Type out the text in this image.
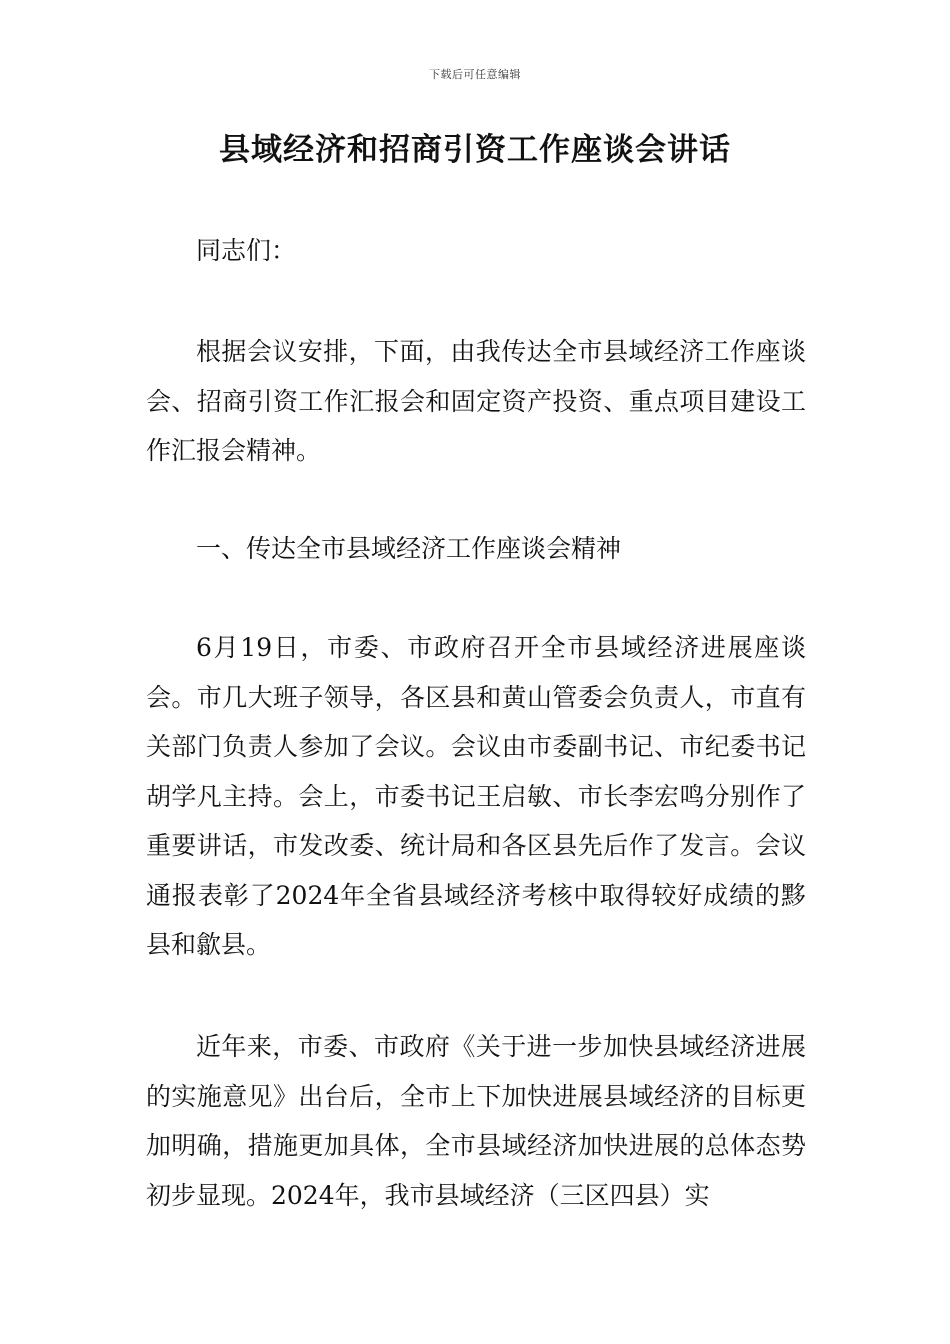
下载后可任意编辑
县域经济和招商引资工作座谈会讲话

同志们：

根据会议安排，下面，由我传达全市县域经济工作座谈会、招商引资工作汇报会和固定资产投资、重点项目建设工作汇报会精神。

一、传达全市县域经济工作座谈会精神

6月19日，市委、市政府召开全市县域经济进展座谈会。市几大班子领导，各区县和黄山管委会负责人，市直有关部门负责人参加了会议。会议由市委副书记、市纪委书记胡学凡主持。会上，市委书记王启敏、市长李宏鸣分别作了重要讲话，市发改委、统计局和各区县先后作了发言。会议通报表彰了2024年全省县域经济考核中取得较好成绩的黟县和歙县。

近年来，市委、市政府《关于进一步加快县域经济进展的实施意见》出台后，全市上下加快进展县域经济的目标更加明确，措施更加具体，全市县域经济加快进展的总体态势初步显现。2024年，我市县域经济（三区四县）实
